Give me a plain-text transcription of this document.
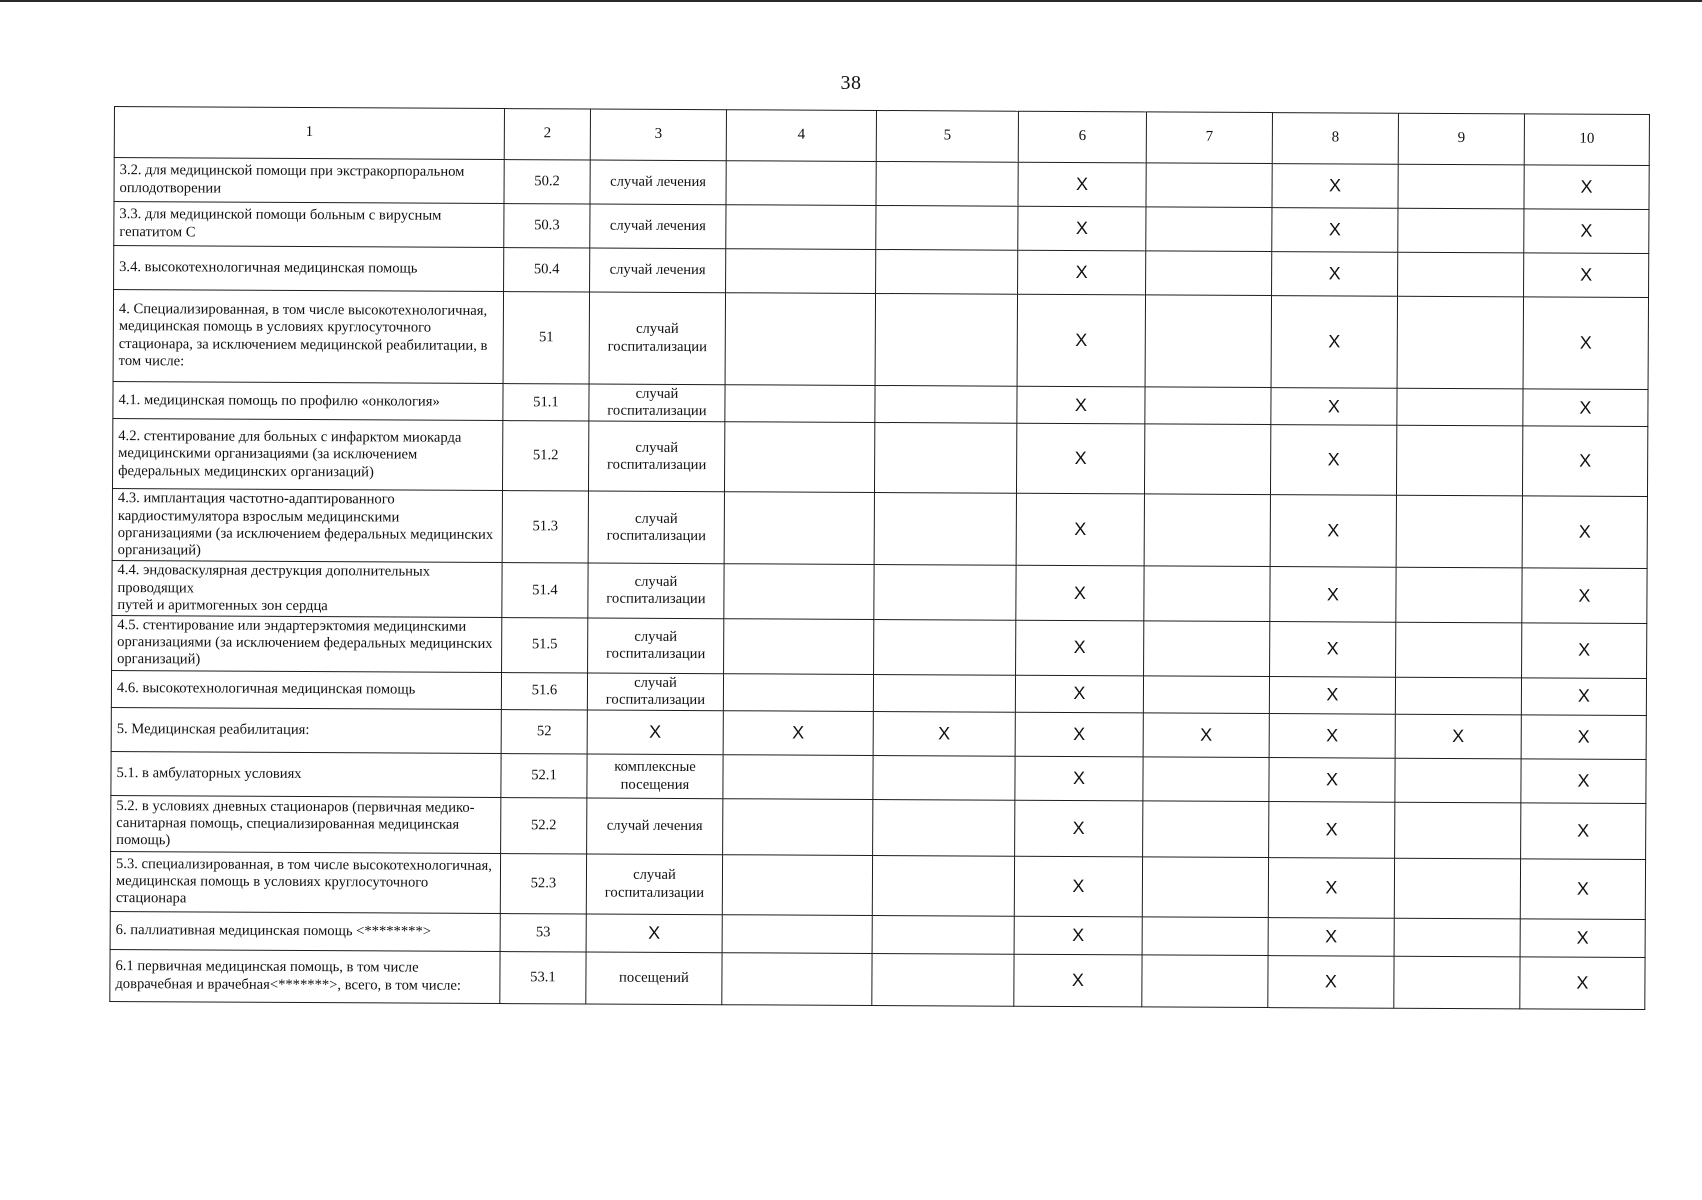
38
1	2	3	4	5	6	7	8	9	10
3.2. для медицинской помощи при экстракорпоральном оплодотворении	50.2	случай лечения			X		X		X
3.3. для медицинской помощи больным с вирусным гепатитом С	50.3	случай лечения			X		X		X
3.4. высокотехнологичная медицинская помощь	50.4	случай лечения			X		X		X
4. Специализированная, в том числе высокотехнологичная, медицинская помощь в условиях круглосуточного стационара, за исключением медицинской реабилитации, в том числе:	51	случай госпитализации			X		X		X
4.1. медицинская помощь по профилю «онкология»	51.1	случай госпитализации			X		X		X
4.2. стентирование для больных с инфарктом миокарда медицинскими организациями (за исключением федеральных медицинских организаций)	51.2	случай госпитализации			X		X		X
4.3. имплантация частотно-адаптированного кардиостимулятора взрослым медицинскими организациями (за исключением федеральных медицинских организаций)	51.3	случай госпитализации			X		X		X
4.4. эндоваскулярная деструкция дополнительных проводящих
путей и аритмогенных зон сердца	51.4	случай госпитализации			X		X		X
4.5. стентирование или эндартерэктомия медицинскими организациями (за исключением федеральных медицинских организаций)	51.5	случай госпитализации			X		X		X
4.6. высокотехнологичная медицинская помощь	51.6	случай госпитализации			X		X		X
5. Медицинская реабилитация:	52	X	X	X	X	X	X	X	X
5.1. в амбулаторных условиях	52.1	комплексные посещения			X		X		X
5.2. в условиях дневных стационаров (первичная медико-санитарная помощь, специализированная медицинская помощь)	52.2	случай лечения			X		X		X
5.3. специализированная, в том числе высокотехнологичная, медицинская помощь в условиях круглосуточного стационара	52.3	случай госпитализации			X		X		X
6. паллиативная медицинская помощь <********>	53	X			X		X		X
6.1 первичная медицинская помощь, в том числе доврачебная и врачебная<*******>, всего, в том числе:	53.1	посещений			X		X		X
